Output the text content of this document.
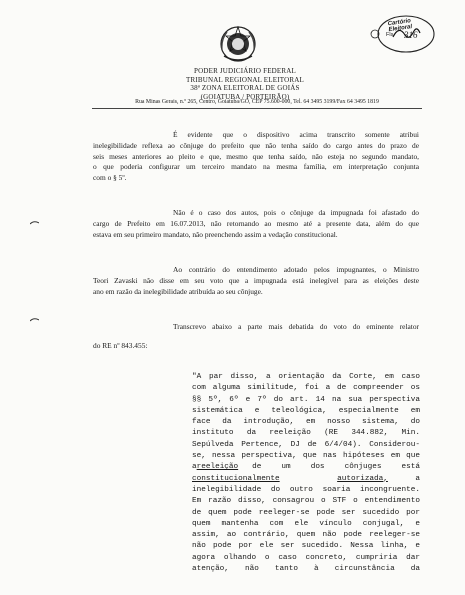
Cartório Eleitoral
Fls. 316
PODER JUDICIÁRIO FEDERAL
TRIBUNAL REGIONAL ELEITORAL
38ª ZONA ELEITORAL DE GOIÁS
(GOIATUBA / PORTEIRÃO)
Rua Minas Gerais, n.º 265, Centro, Goiatuba/GO, CEP 75.600-000, Tel. 64 3495 3199/Fax 64 3495 1819
É evidente que o dispositivo acima transcrito somente atribui
inelegibilidade reflexa ao cônjuge do prefeito que não tenha saído do cargo antes do prazo de
seis meses anteriores ao pleito e que, mesmo que tenha saído, não esteja no segundo mandato,
o que poderia configurar um terceiro mandato na mesma família, em interpretação conjunta
com o § 5º.
Não é o caso dos autos, pois o cônjuge da impugnada foi afastado do
cargo de Prefeito em 16.07.2013, não retornando ao mesmo até a presente data, além do que
estava em seu primeiro mandato, não preenchendo assim a vedação constitucional.
Ao contrário do entendimento adotado pelos impugnantes, o Ministro
Teori Zavaski não disse em seu voto que a impugnada está inelegível para as eleições deste
ano em razão da inelegibilidade atribuída ao seu cônjuge.
Transcrevo abaixo a parte mais debatida do voto do eminente relator
do RE nº 843.455:
"A par disso, a orientação da Corte, em caso
com alguma similitude, foi a de compreender os
§§ 5º, 6º e 7º do art. 14 na sua perspectiva
sistemática e teleológica, especialmente em
face da introdução, em nosso sistema, do
instituto da reeleição (RE 344.882, Min.
Sepúlveda Pertence, DJ de 6/4/04). Considerou-
se, nessa perspectiva, que nas hipóteses em que
a reeleição	de um dos cônjuges está
constitucionalmente	autorizada,	a
inelegibilidade do outro soaria incongruente.
Em razão disso, consagrou o STF o entendimento
de quem pode reeleger-se pode ser sucedido por
quem mantenha com ele vínculo conjugal, e
assim, ao contrário, quem não pode reeleger-se
não pode por ele ser sucedido. Nessa linha, e
agora olhando o caso concreto, cumpriria dar
atenção, não tanto à circunstância da
